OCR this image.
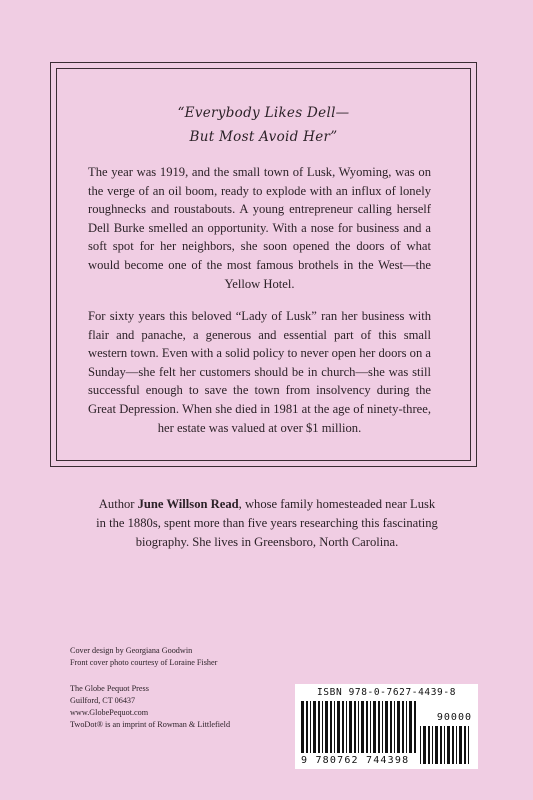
“Everybody Likes Dell—
But Most Avoid Her”

The year was 1919, and the small town of Lusk, Wyoming, was on the verge of an oil boom, ready to explode with an influx of lonely roughnecks and roustabouts. A young entrepreneur calling herself Dell Burke smelled an opportunity. With a nose for business and a soft spot for her neighbors, she soon opened the doors of what would become one of the most famous brothels in the West—the Yellow Hotel.

For sixty years this beloved “Lady of Lusk” ran her business with flair and panache, a generous and essential part of this small western town. Even with a solid policy to never open her doors on a Sunday—she felt her customers should be in church—she was still successful enough to save the town from insolvency during the Great Depression. When she died in 1981 at the age of ninety-three, her estate was valued at over $1 million.

Author June Willson Read, whose family homesteaded near Lusk in the 1880s, spent more than five years researching this fascinating biography. She lives in Greensboro, North Carolina.

Cover design by Georgiana Goodwin
Front cover photo courtesy of Loraine Fisher

The Globe Pequot Press
Guilford, CT 06437
www.GlobePequot.com
TwoDot® is an imprint of Rowman & Littlefield

ISBN 978-0-7627-4439-8
90000
9 780762 744398
